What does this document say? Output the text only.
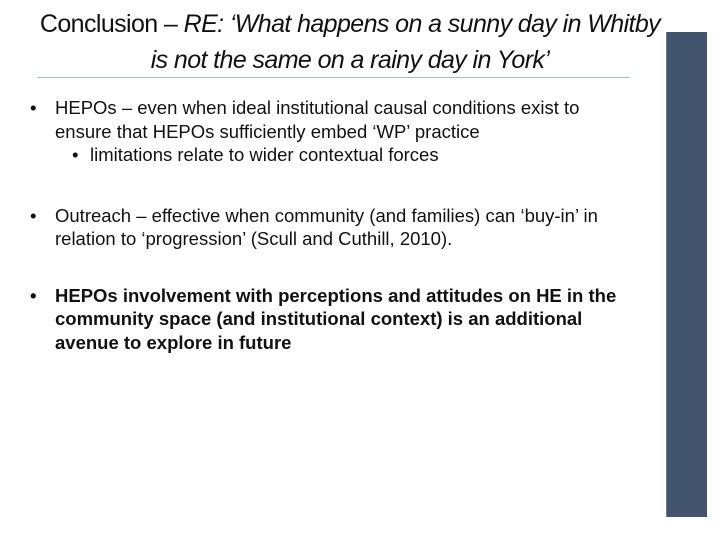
Conclusion – RE: ‘What happens on a sunny day in Whitby is not the same on a rainy day in York’

• HEPOs – even when ideal institutional causal conditions exist to ensure that HEPOs sufficiently embed ‘WP’ practice

• limitations relate to wider contextual forces

• Outreach – effective when community (and families) can ‘buy-in’ in relation to ‘progression’ (Scull and Cuthill, 2010).

• HEPOs involvement with perceptions and attitudes on HE in the community space (and institutional context) is an additional avenue to explore in future
